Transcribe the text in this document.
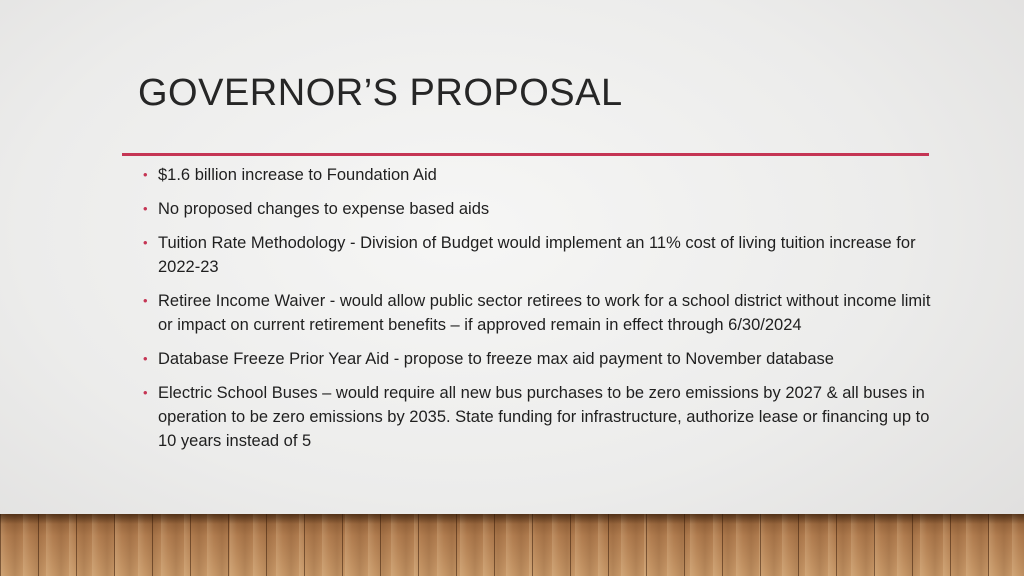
GOVERNOR’S PROPOSAL
• $1.6 billion increase to Foundation Aid
• No proposed changes to expense based aids
• Tuition Rate Methodology - Division of Budget would implement an 11% cost of living tuition increase for 2022-23
• Retiree Income Waiver - would allow public sector retirees to work for a school district without income limit or impact on current retirement benefits – if approved remain in effect through 6/30/2024
• Database Freeze Prior Year Aid - propose to freeze max aid payment to November database
• Electric School Buses – would require all new bus purchases to be zero emissions by 2027 & all buses in operation to be zero emissions by 2035. State funding for infrastructure, authorize lease or financing up to 10 years instead of 5
